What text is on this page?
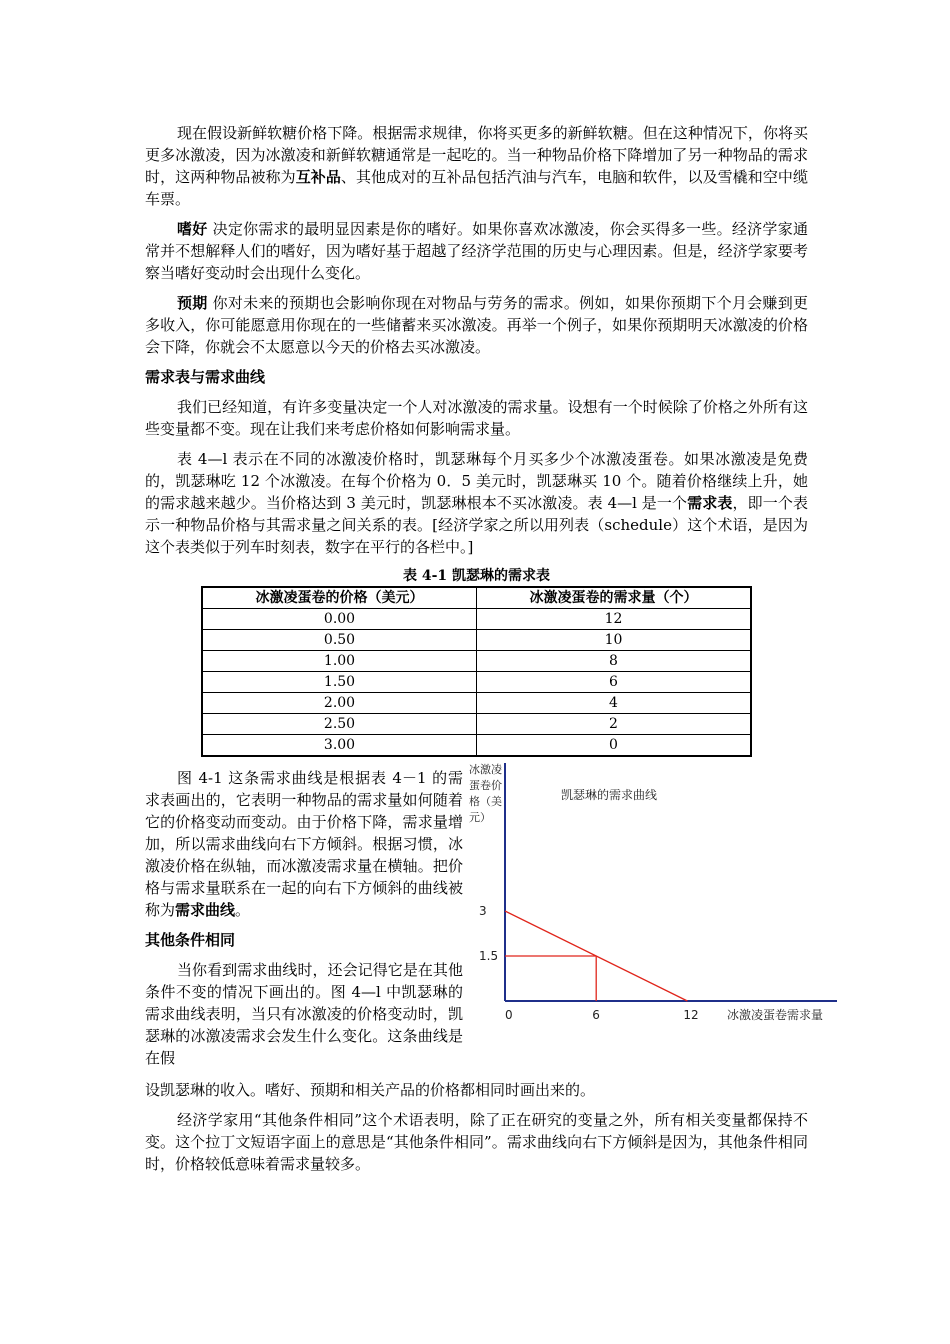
现在假设新鲜软糖价格下降。根据需求规律，你将买更多的新鲜软糖。但在这种情况下，你将买更多冰激凌，因为冰激凌和新鲜软糖通常是一起吃的。当一种物品价格下降增加了另一种物品的需求时，这两种物品被称为互补品、其他成对的互补品包括汽油与汽车，电脑和软件，以及雪橇和空中缆车票。

嗜好 决定你需求的最明显因素是你的嗜好。如果你喜欢冰激凌，你会买得多一些。经济学家通常并不想解释人们的嗜好，因为嗜好基于超越了经济学范围的历史与心理因素。但是，经济学家要考察当嗜好变动时会出现什么变化。

预期 你对未来的预期也会影响你现在对物品与劳务的需求。例如，如果你预期下个月会赚到更多收入，你可能愿意用你现在的一些储蓄来买冰激凌。再举一个例子，如果你预期明天冰激凌的价格会下降，你就会不太愿意以今天的价格去买冰激凌。

需求表与需求曲线

我们已经知道，有许多变量决定一个人对冰激凌的需求量。设想有一个时候除了价格之外所有这些变量都不变。现在让我们来考虑价格如何影响需求量。

表 4—l 表示在不同的冰激凌价格时，凯瑟琳每个月买多少个冰激凌蛋卷。如果冰激凌是免费的，凯瑟琳吃 12 个冰激凌。在每个价格为 0．5 美元时，凯瑟琳买 10 个。随着价格继续上升，她的需求越来越少。当价格达到 3 美元时，凯瑟琳根本不买冰激凌。表 4—l 是一个需求表，即一个表示一种物品价格与其需求量之间关系的表。[经济学家之所以用列表（schedule）这个术语，是因为这个表类似于列车时刻表，数字在平行的各栏中。]

表 4-1 凯瑟琳的需求表
冰激凌蛋卷的价格（美元）	冰激凌蛋卷的需求量（个）
0.00	12
0.50	10
1.00	8
1.50	6
2.00	4
2.50	2
3.00	0

图 4-1 这条需求曲线是根据表 4－1 的需求表画出的，它表明一种物品的需求量如何随着它的价格变动而变动。由于价格下降，需求量增加，所以需求曲线向右下方倾斜。根据习惯，冰激凌价格在纵轴，而冰激凌需求量在横轴。把价格与需求量联系在一起的向右下方倾斜的曲线被称为需求曲线。

其他条件相同

当你看到需求曲线时，还会记得它是在其他条件不变的情况下画出的。图 4—l 中凯瑟琳的需求曲线表明，当只有冰激凌的价格变动时，凯瑟琳的冰激凌需求会发生什么变化。这条曲线是在假

冰激凌
蛋卷价
格（美
元）
凯瑟琳的需求曲线
3
1.5
0	6	12 冰激凌蛋卷需求量

设凯瑟琳的收入。嗜好、预期和相关产品的价格都相同时画出来的。

经济学家用“其他条件相同”这个术语表明，除了正在研究的变量之外，所有相关变量都保持不变。这个拉丁文短语字面上的意思是“其他条件相同”。需求曲线向右下方倾斜是因为，其他条件相同时，价格较低意味着需求量较多。
